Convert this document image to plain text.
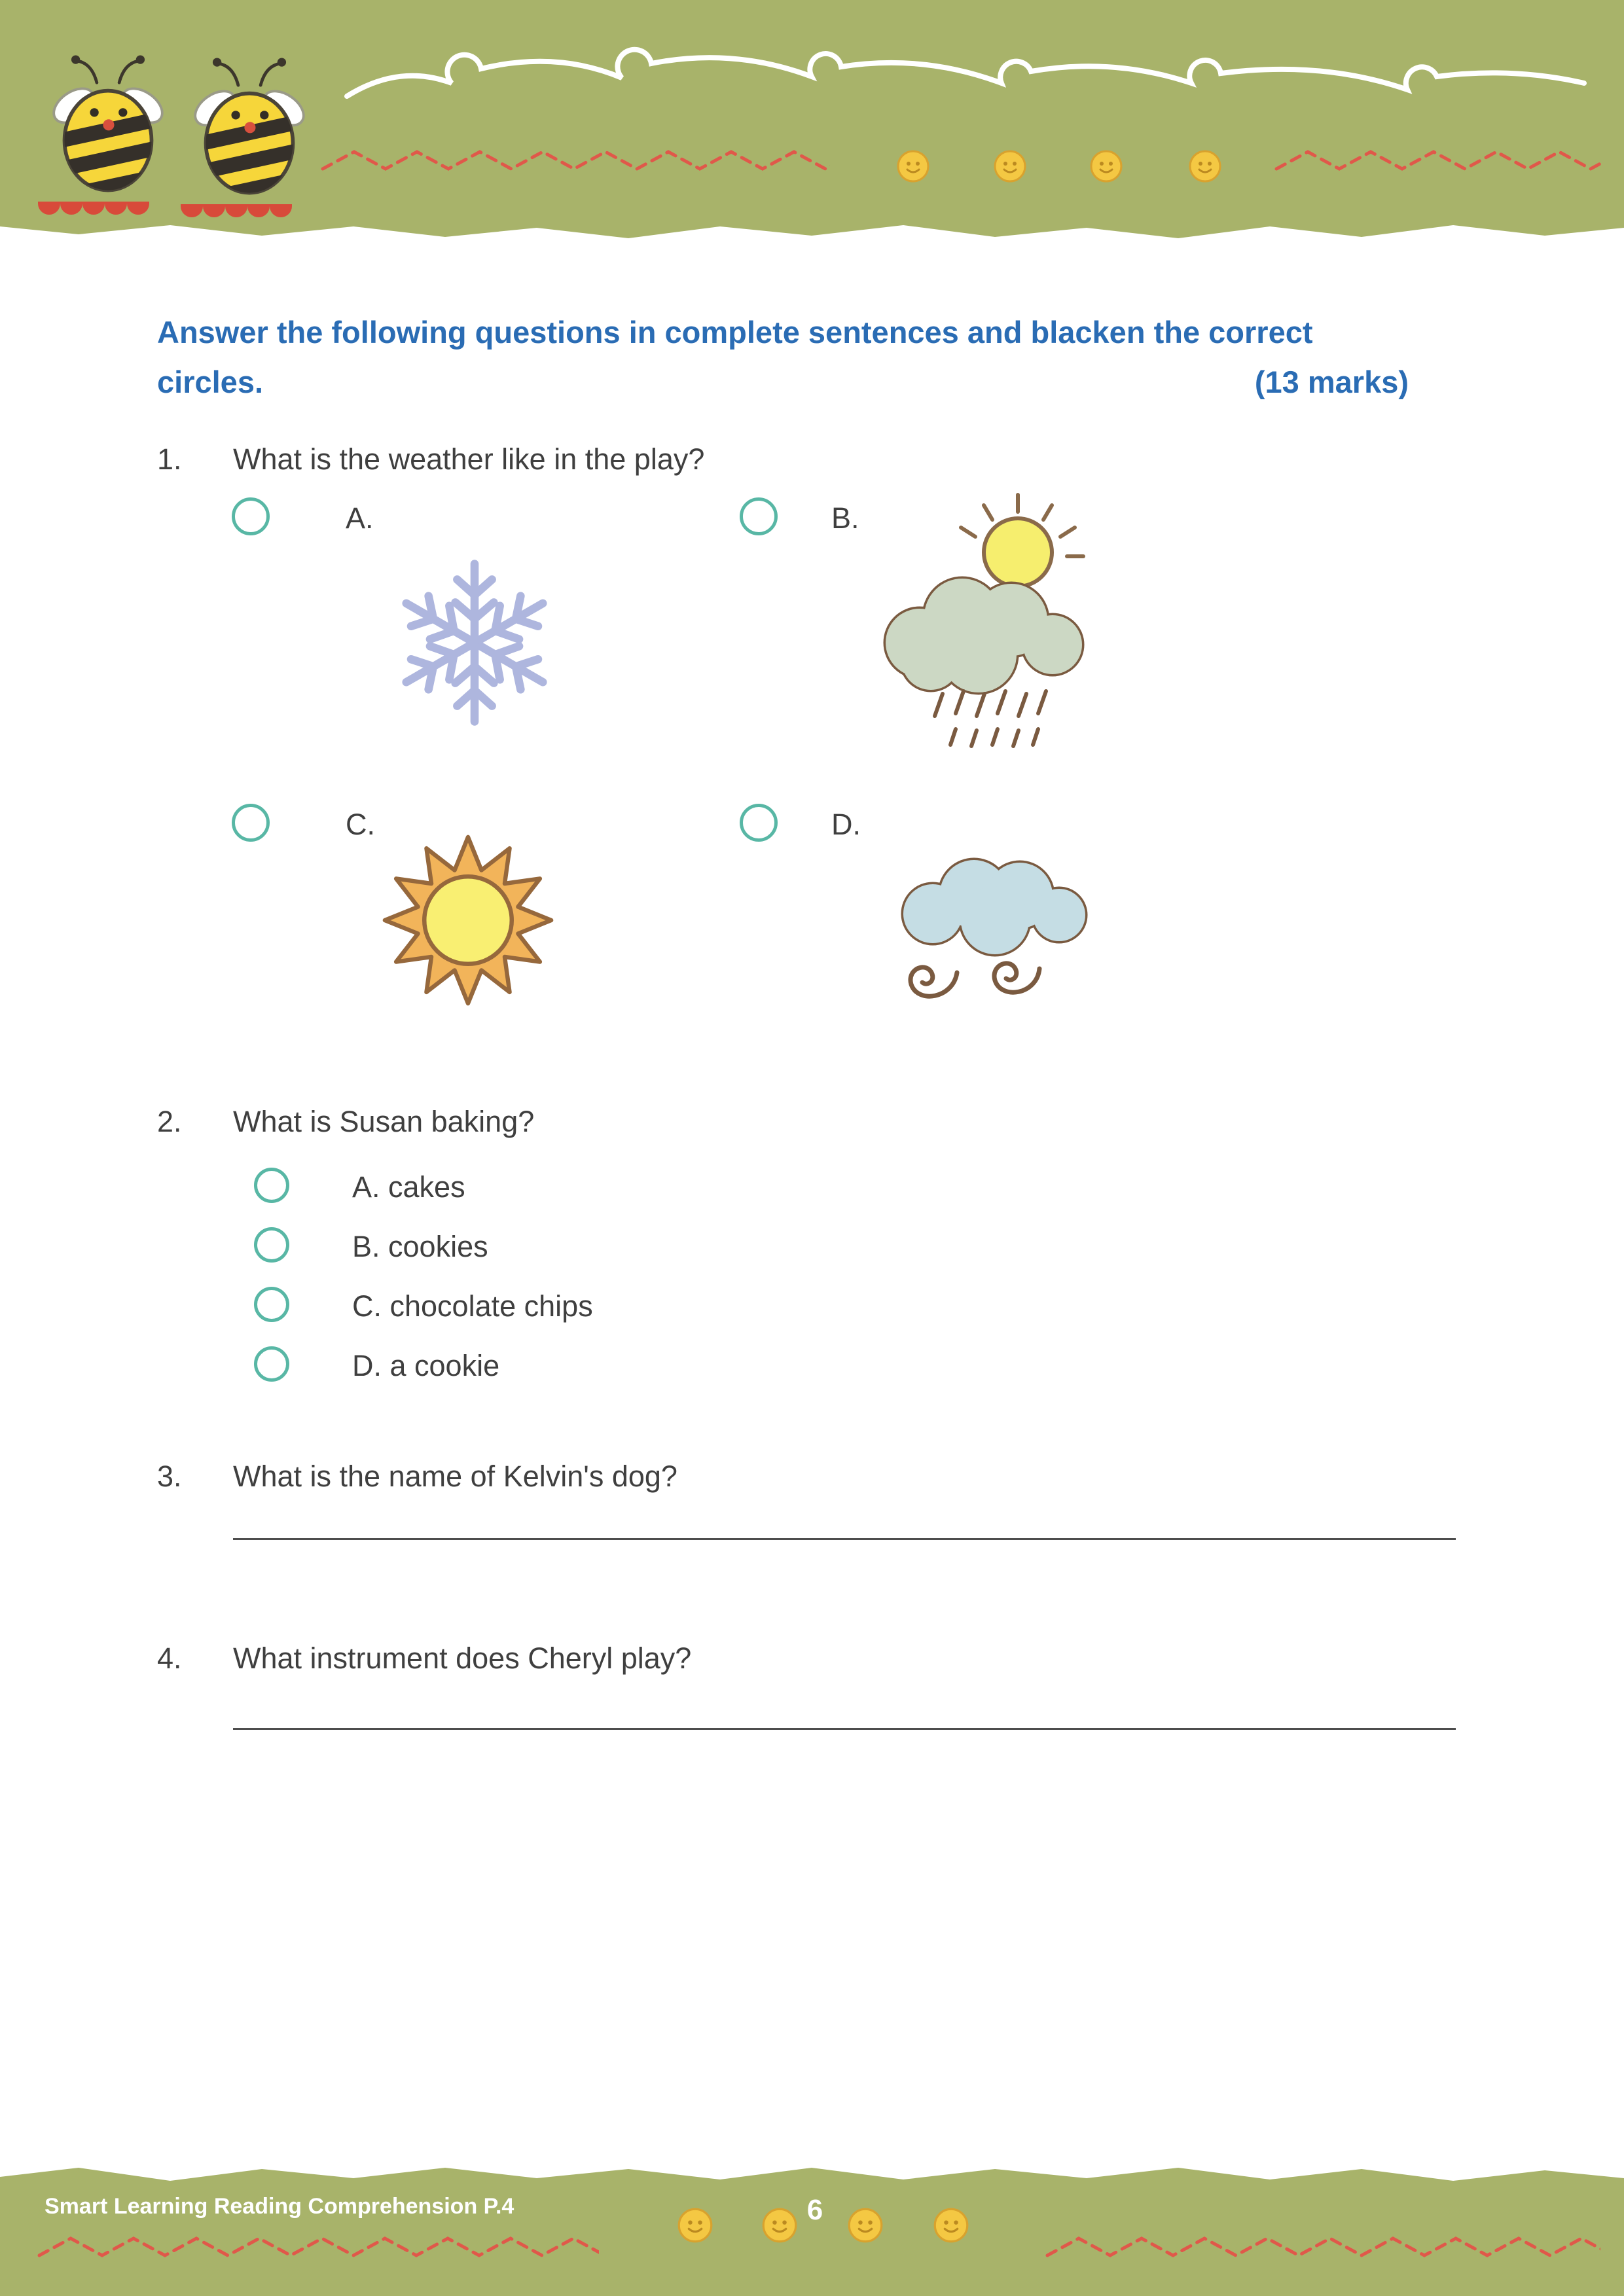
Answer the following questions in complete sentences and blacken the correct
circles.	(13 marks)
1. What is the weather like in the play?
A.	B.
C.	D.
2. What is Susan baking?
A. cakes
B. cookies
C. chocolate chips
D. a cookie
3. What is the name of Kelvin's dog?
4. What instrument does Cheryl play?
Smart Learning Reading Comprehension P.4	6
